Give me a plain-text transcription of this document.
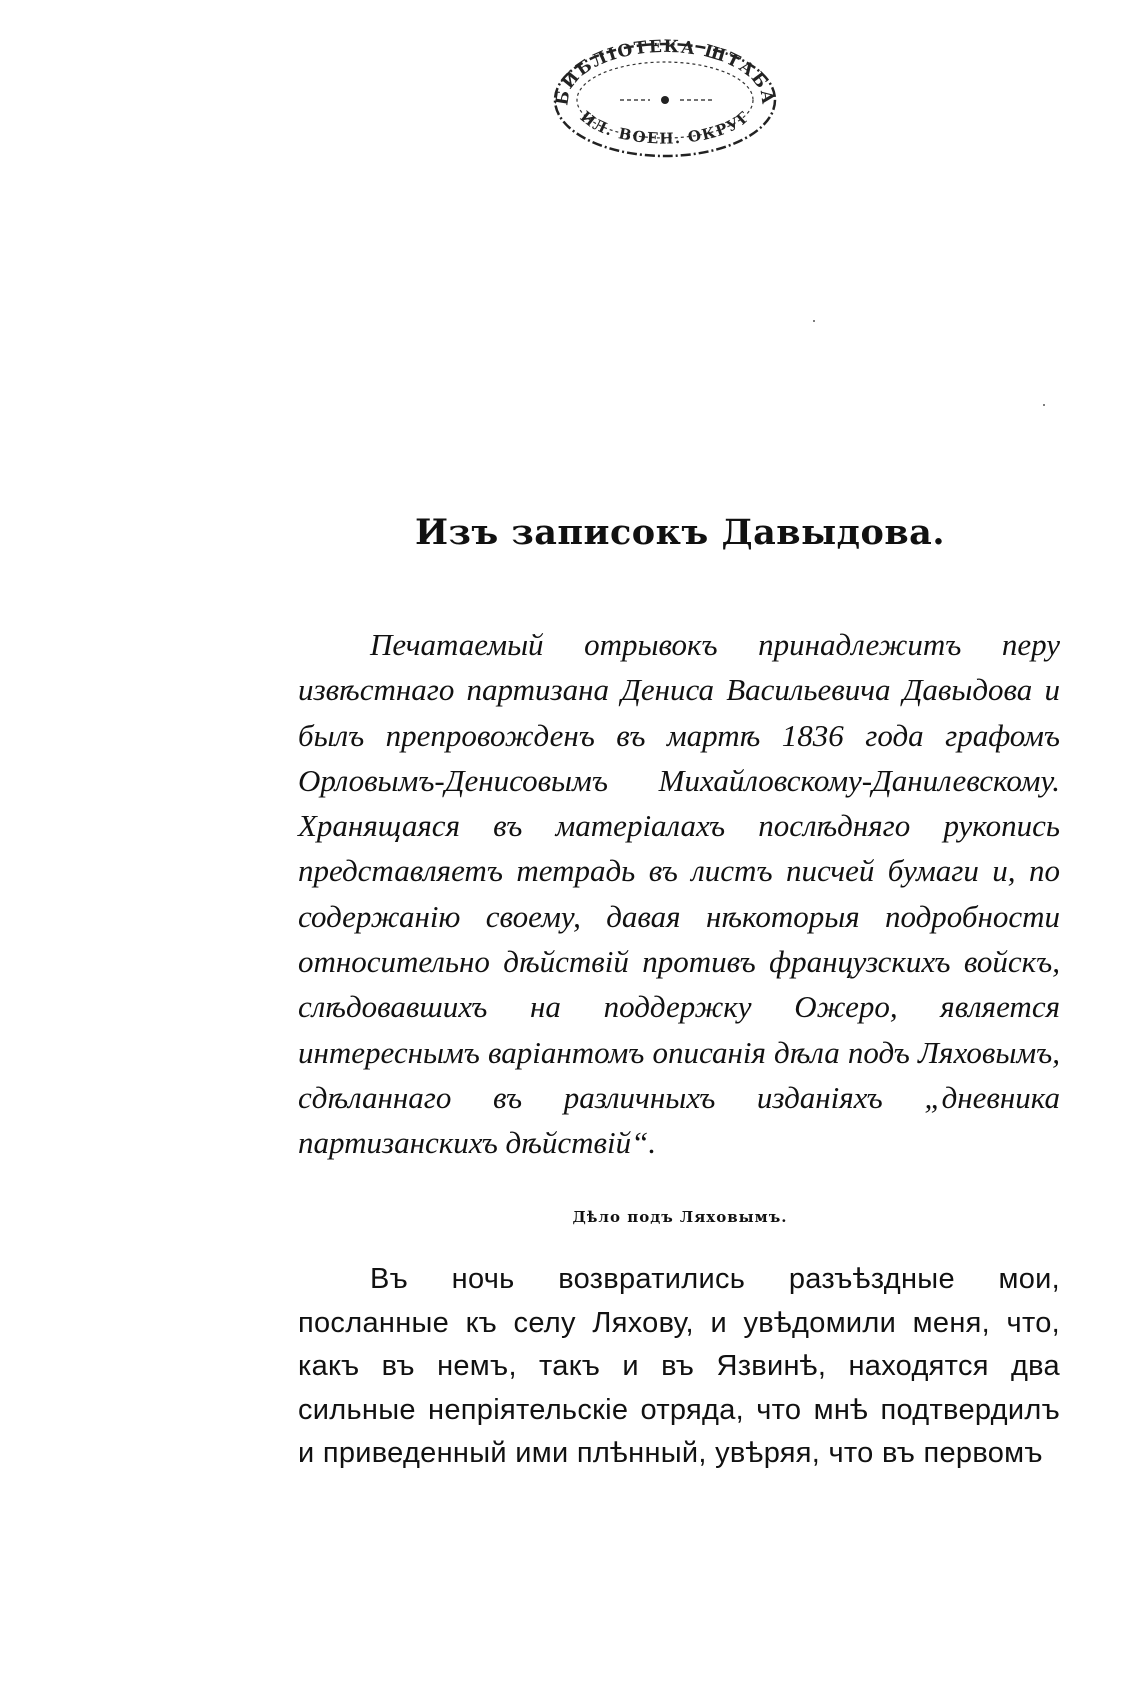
БИБЛIОТЕКА ШТАБА
ИЛ. ВОЕН. ОКРУГ
Изъ записокъ Давыдова.

Печатаемый отрывокъ принадлежитъ перу извѣстнаго партизана Дениса Васильевича Давыдова и былъ препровожденъ въ мартѣ 1836 года графомъ Орловымъ-Денисовымъ Михайловскому-Данилевскому. Хранящаяся въ матерiалахъ послѣдняго рукопись представляетъ тетрадь въ листъ писчей бумаги и, по содержанiю своему, давая нѣкоторыя подробности относительно дѣйствiй противъ французскихъ войскъ, слѣдовавшихъ на поддержку Ожеро, является интереснымъ варiантомъ описанiя дѣла подъ Ляховымъ, сдѣланнаго въ различныхъ изданiяхъ „дневника партизанскихъ дѣйствiй“.

Дѣло подъ Ляховымъ.

Въ ночь возвратились разъѣздные мои, посланные къ селу Ляхову, и увѣдомили меня, что, какъ въ немъ, такъ и въ Язвинѣ, находятся два сильные непрiятельскiе отряда, что мнѣ подтвердилъ и приведенный ими плѣнный, увѣряя, что въ первомъ
